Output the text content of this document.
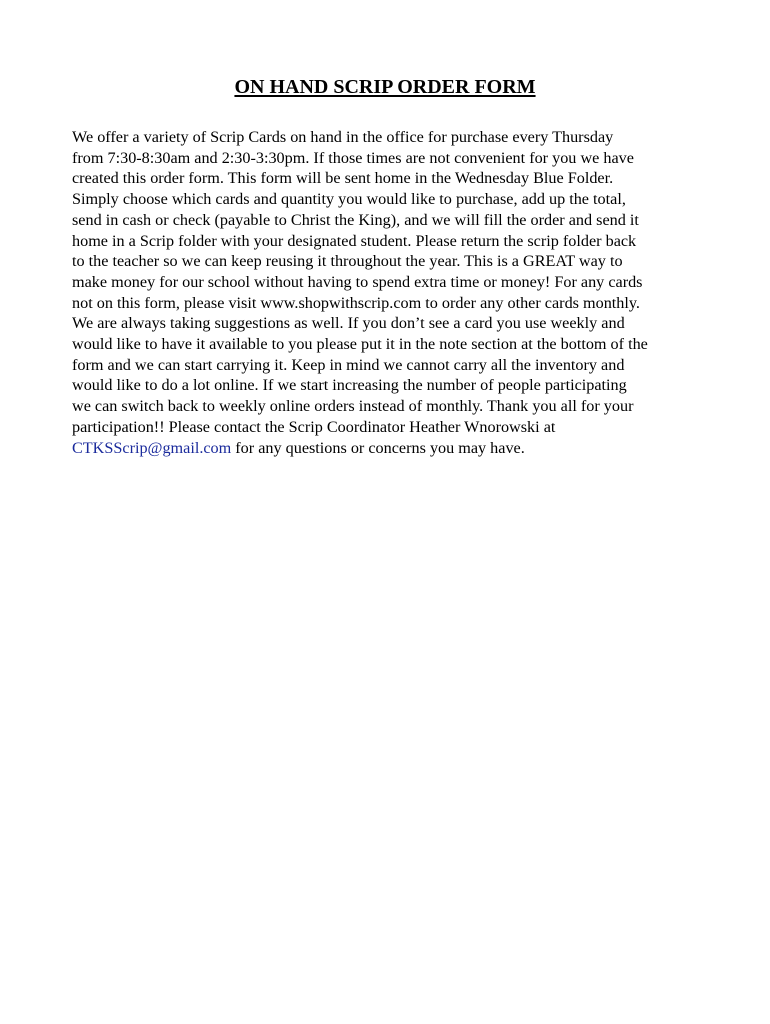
ON HAND SCRIP ORDER FORM
We offer a variety of Scrip Cards on hand in the office for purchase every Thursday
from 7:30-8:30am and 2:30-3:30pm. If those times are not convenient for you we have
created this order form. This form will be sent home in the Wednesday Blue Folder.
Simply choose which cards and quantity you would like to purchase, add up the total,
send in cash or check (payable to Christ the King), and we will fill the order and send it
home in a Scrip folder with your designated student. Please return the scrip folder back
to the teacher so we can keep reusing it throughout the year. This is a GREAT way to
make money for our school without having to spend extra time or money! For any cards
not on this form, please visit www.shopwithscrip.com to order any other cards monthly.
We are always taking suggestions as well. If you don’t see a card you use weekly and
would like to have it available to you please put it in the note section at the bottom of the
form and we can start carrying it. Keep in mind we cannot carry all the inventory and
would like to do a lot online. If we start increasing the number of people participating
we can switch back to weekly online orders instead of monthly. Thank you all for your
participation!! Please contact the Scrip Coordinator Heather Wnorowski at
CTKSScrip@gmail.com for any questions or concerns you may have.
